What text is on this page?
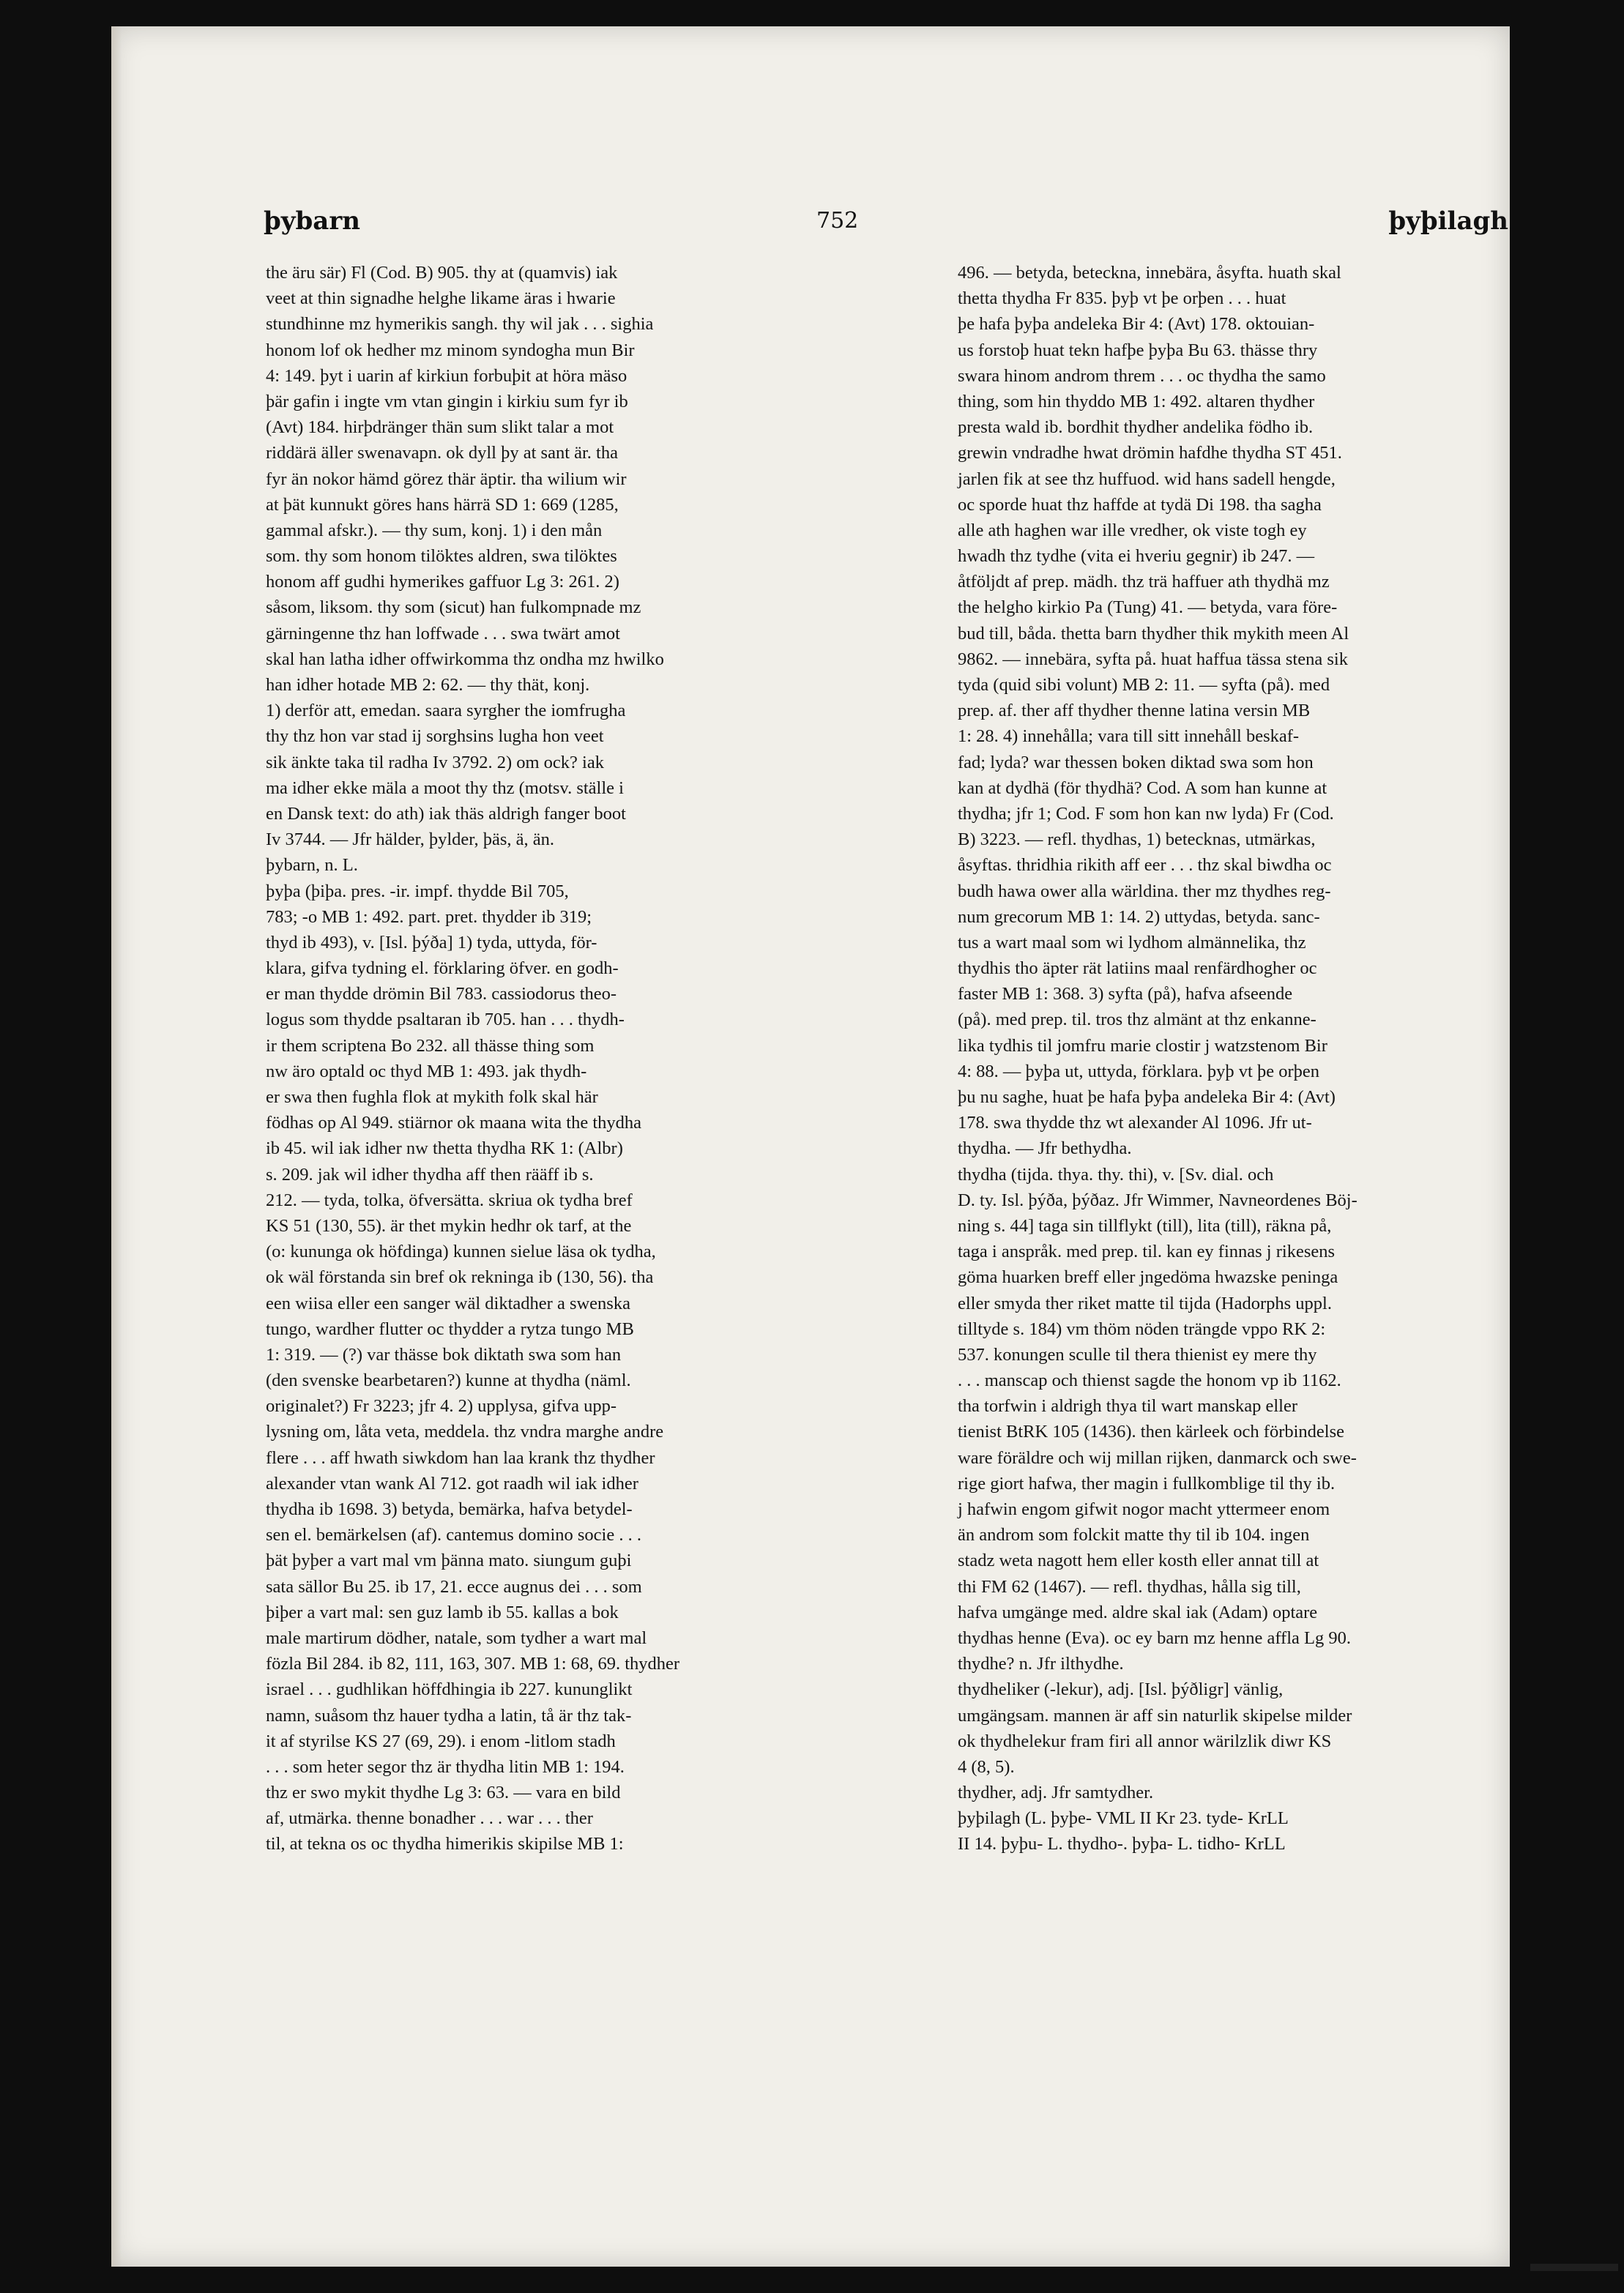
þybarn	752	þyþilagh
the äru sär) Fl (Cod. B) 905. thy at (quamvis) iak
veet at thin signadhe helghe likame äras i hwarie
stundhinne mz hymerikis sangh. thy wil jak . . . sighia
honom lof ok hedher mz minom syndogha mun Bir
4: 149. þyt i uarin af kirkiun forbuþit at höra mäso
þär gafin i ingte vm vtan gingin i kirkiu sum fyr ib
(Avt) 184. hirþdränger thän sum slikt talar a mot
riddärä äller swenavapn. ok dyll þy at sant är. tha
fyr än nokor hämd görez thär äptir. tha wilium wir
at þät kunnukt göres hans härrä SD 1: 669 (1285,
gammal afskr.). — thy sum, konj. 1) i den mån
som. thy som honom tilöktes aldren, swa tilöktes
honom aff gudhi hymerikes gaffuor Lg 3: 261. 2)
såsom, liksom. thy som (sicut) han fulkompnade mz
gärningenne thz han loffwade . . . swa twärt amot
skal han latha idher offwirkomma thz ondha mz hwilko
han idher hotade MB 2: 62. — thy thät, konj.
1) derför att, emedan. saara syrgher the iomfrugha
thy thz hon var stad ij sorghsins lugha hon veet
sik änkte taka til radha Iv 3792. 2) om ock? iak
ma idher ekke mäla a moot thy thz (motsv. ställe i
en Dansk text: do ath) iak thäs aldrigh fanger boot
Iv 3744. — Jfr hälder, þylder, þäs, ä, än.
þybarn, n. L.
þyþa (þiþa. pres. -ir. impf. thydde Bil 705,
783; -o MB 1: 492. part. pret. thydder ib 319;
thyd ib 493), v. [Isl. þýða] 1) tyda, uttyda, för-
klara, gifva tydning el. förklaring öfver. en godh-
er man thydde drömin Bil 783. cassiodorus theo-
logus som thydde psaltaran ib 705. han . . . thydh-
ir them scriptena Bo 232. all thässe thing som
nw äro optald oc thyd MB 1: 493. jak thydh-
er swa then fughla flok at mykith folk skal här
födhas op Al 949. stiärnor ok maana wita the thydha
ib 45. wil iak idher nw thetta thydha RK 1: (Albr)
s. 209. jak wil idher thydha aff then rääff ib s.
212. — tyda, tolka, öfversätta. skriua ok tydha bref
KS 51 (130, 55). är thet mykin hedhr ok tarf, at the
(o: kununga ok höfdinga) kunnen sielue läsa ok tydha,
ok wäl förstanda sin bref ok rekninga ib (130, 56). tha
een wiisa eller een sanger wäl diktadher a swenska
tungo, wardher flutter oc thydder a rytza tungo MB
1: 319. — (?) var thässe bok diktath swa som han
(den svenske bearbetaren?) kunne at thydha (näml.
originalet?) Fr 3223; jfr 4. 2) upplysa, gifva upp-
lysning om, låta veta, meddela. thz vndra marghe andre
flere . . . aff hwath siwkdom han laa krank thz thydher
alexander vtan wank Al 712. got raadh wil iak idher
thydha ib 1698. 3) betyda, bemärka, hafva betydel-
sen el. bemärkelsen (af). cantemus domino socie . . .
þät þyþer a vart mal vm þänna mato. siungum guþi
sata sällor Bu 25. ib 17, 21. ecce augnus dei . . . som
þiþer a vart mal: sen guz lamb ib 55. kallas a bok
male martirum dödher, natale, som tydher a wart mal
fözla Bil 284. ib 82, 111, 163, 307. MB 1: 68, 69. thydher
israel . . . gudhlikan höffdhingia ib 227. kununglikt
namn, suåsom thz hauer tydha a latin, tå är thz tak-
it af styrilse KS 27 (69, 29). i enom -litlom stadh
. . . som heter segor thz är thydha litin MB 1: 194.
thz er swo mykit thydhe Lg 3: 63. — vara en bild
af, utmärka. thenne bonadher . . . war . . . ther
til, at tekna os oc thydha himerikis skipilse MB 1:
496. — betyda, beteckna, innebära, åsyfta. huath skal
thetta thydha Fr 835. þyþ vt þe orþen . . . huat
þe hafa þyþa andeleka Bir 4: (Avt) 178. oktouian-
us forstoþ huat tekn hafþe þyþa Bu 63. thässe thry
swara hinom androm threm . . . oc thydha the samo
thing, som hin thyddo MB 1: 492. altaren thydher
presta wald ib. bordhit thydher andelika födho ib.
grewin vndradhe hwat drömin hafdhe thydha ST 451.
jarlen fik at see thz huffuod. wid hans sadell hengde,
oc sporde huat thz haffde at tydä Di 198. tha sagha
alle ath haghen war ille vredher, ok viste togh ey
hwadh thz tydhe (vita ei hveriu gegnir) ib 247. —
åtföljdt af prep. mädh. thz trä haffuer ath thydhä mz
the helgho kirkio Pa (Tung) 41. — betyda, vara före-
bud till, båda. thetta barn thydher thik mykith meen Al
9862. — innebära, syfta på. huat haffua tässa stena sik
tyda (quid sibi volunt) MB 2: 11. — syfta (på). med
prep. af. ther aff thydher thenne latina versin MB
1: 28. 4) innehålla; vara till sitt innehåll beskaf-
fad; lyda? war thessen boken diktad swa som hon
kan at dydhä (för thydhä? Cod. A som han kunne at
thydha; jfr 1; Cod. F som hon kan nw lyda) Fr (Cod.
B) 3223. — refl. thydhas, 1) betecknas, utmärkas,
åsyftas. thridhia rikith aff eer . . . thz skal biwdha oc
budh hawa ower alla wärldina. ther mz thydhes reg-
num grecorum MB 1: 14. 2) uttydas, betyda. sanc-
tus a wart maal som wi lydhom almännelika, thz
thydhis tho äpter rät latiins maal renfärdhogher oc
faster MB 1: 368. 3) syfta (på), hafva afseende
(på). med prep. til. tros thz almänt at thz enkanne-
lika tydhis til jomfru marie clostir j watzstenom Bir
4: 88. — þyþa ut, uttyda, förklara. þyþ vt þe orþen
þu nu saghe, huat þe hafa þyþa andeleka Bir 4: (Avt)
178. swa thydde thz wt alexander Al 1096. Jfr ut-
thydha. — Jfr bethydha.
thydha (tijda. thya. thy. thi), v. [Sv. dial. och
D. ty. Isl. þýða, þýðaz. Jfr Wimmer, Navneordenes Böj-
ning s. 44] taga sin tillflykt (till), lita (till), räkna på,
taga i anspråk. med prep. til. kan ey finnas j rikesens
göma huarken breff eller jngedöma hwazske peninga
eller smyda ther riket matte til tijda (Hadorphs uppl.
tilltyde s. 184) vm thöm nöden trängde vppo RK 2:
537. konungen sculle til thera thienist ey mere thy
. . . manscap och thienst sagde the honom vp ib 1162.
tha torfwin i aldrigh thya til wart manskap eller
tienist BtRK 105 (1436). then kärleek och förbindelse
ware föräldre och wij millan rijken, danmarck och swe-
rige giort hafwa, ther magin i fullkomblige til thy ib.
j hafwin engom gifwit nogor macht yttermeer enom
än androm som folckit matte thy til ib 104. ingen
stadz weta nagott hem eller kosth eller annat till at
thi FM 62 (1467). — refl. thydhas, hålla sig till,
hafva umgänge med. aldre skal iak (Adam) optare
thydhas henne (Eva). oc ey barn mz henne affla Lg 90.
thydhe? n. Jfr ilthydhe.
thydheliker (-lekur), adj. [Isl. þýðligr] vänlig,
umgängsam. mannen är aff sin naturlik skipelse milder
ok thydhelekur fram firi all annor wärilzlik diwr KS
4 (8, 5).
thydher, adj. Jfr samtydher.
þyþilagh (L. þyþe- VML II Kr 23. tyde- KrLL
II 14. þyþu- L. thydho-. þyþa- L. tidho- KrLL
